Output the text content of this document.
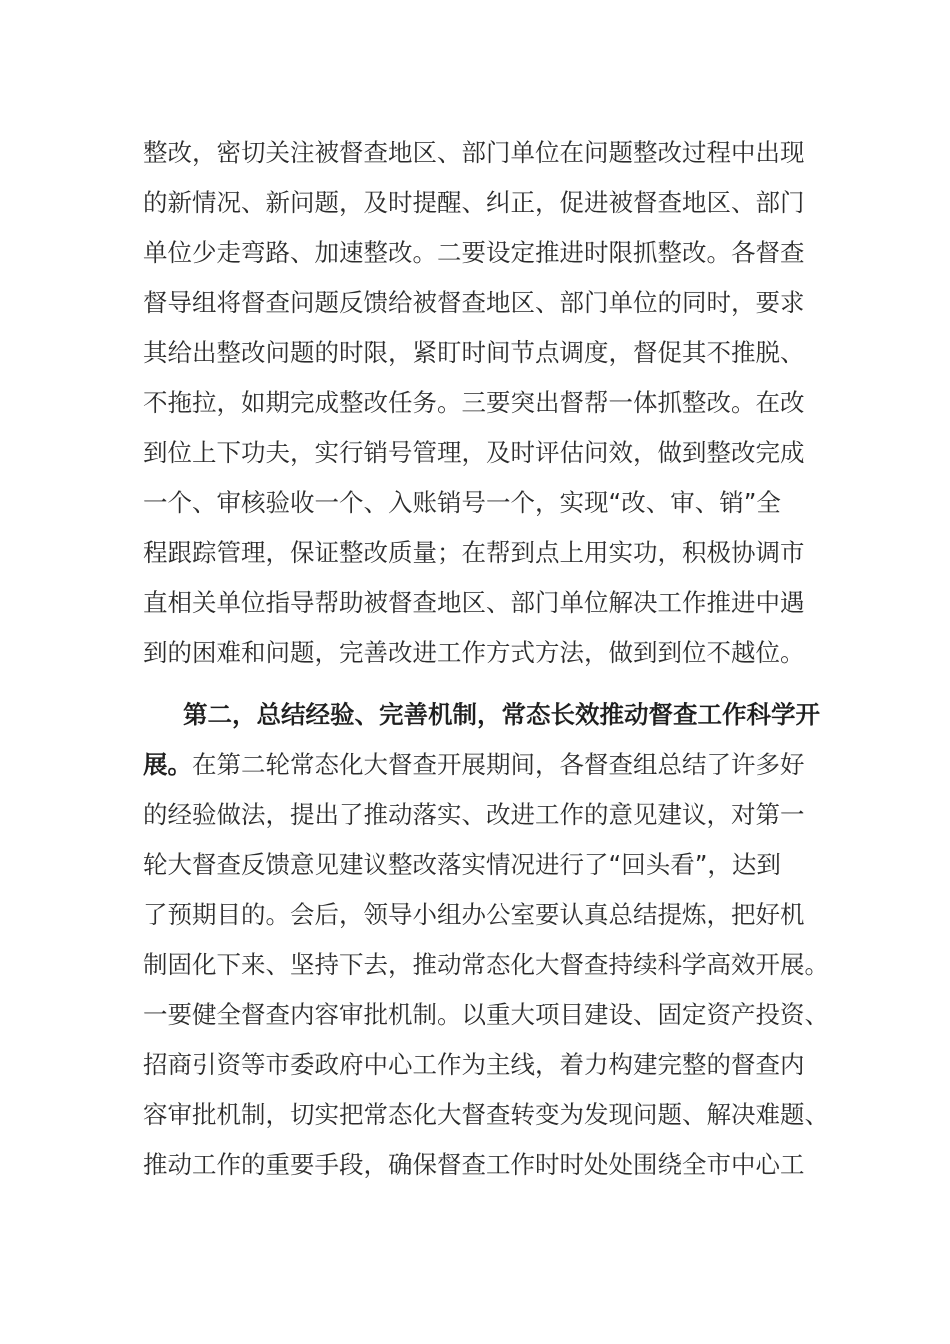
整改，密切关注被督查地区、部门单位在问题整改过程中出现
的新情况、新问题，及时提醒、纠正，促进被督查地区、部门
单位少走弯路、加速整改。二要设定推进时限抓整改。各督查
督导组将督查问题反馈给被督查地区、部门单位的同时，要求
其给出整改问题的时限，紧盯时间节点调度，督促其不推脱、
不拖拉，如期完成整改任务。三要突出督帮一体抓整改。在改
到位上下功夫，实行销号管理，及时评估问效，做到整改完成
一个、审核验收一个、入账销号一个，实现“改、审、销”全
程跟踪管理，保证整改质量；在帮到点上用实功，积极协调市
直相关单位指导帮助被督查地区、部门单位解决工作推进中遇
到的困难和问题，完善改进工作方式方法，做到到位不越位。
第二，总结经验、完善机制，常态长效推动督查工作科学开
展。在第二轮常态化大督查开展期间，各督查组总结了许多好
的经验做法，提出了推动落实、改进工作的意见建议，对第一
轮大督查反馈意见建议整改落实情况进行了“回头看”，达到
了预期目的。会后，领导小组办公室要认真总结提炼，把好机
制固化下来、坚持下去，推动常态化大督查持续科学高效开展。
一要健全督查内容审批机制。以重大项目建设、固定资产投资、
招商引资等市委政府中心工作为主线，着力构建完整的督查内
容审批机制，切实把常态化大督查转变为发现问题、解决难题、
推动工作的重要手段，确保督查工作时时处处围绕全市中心工
